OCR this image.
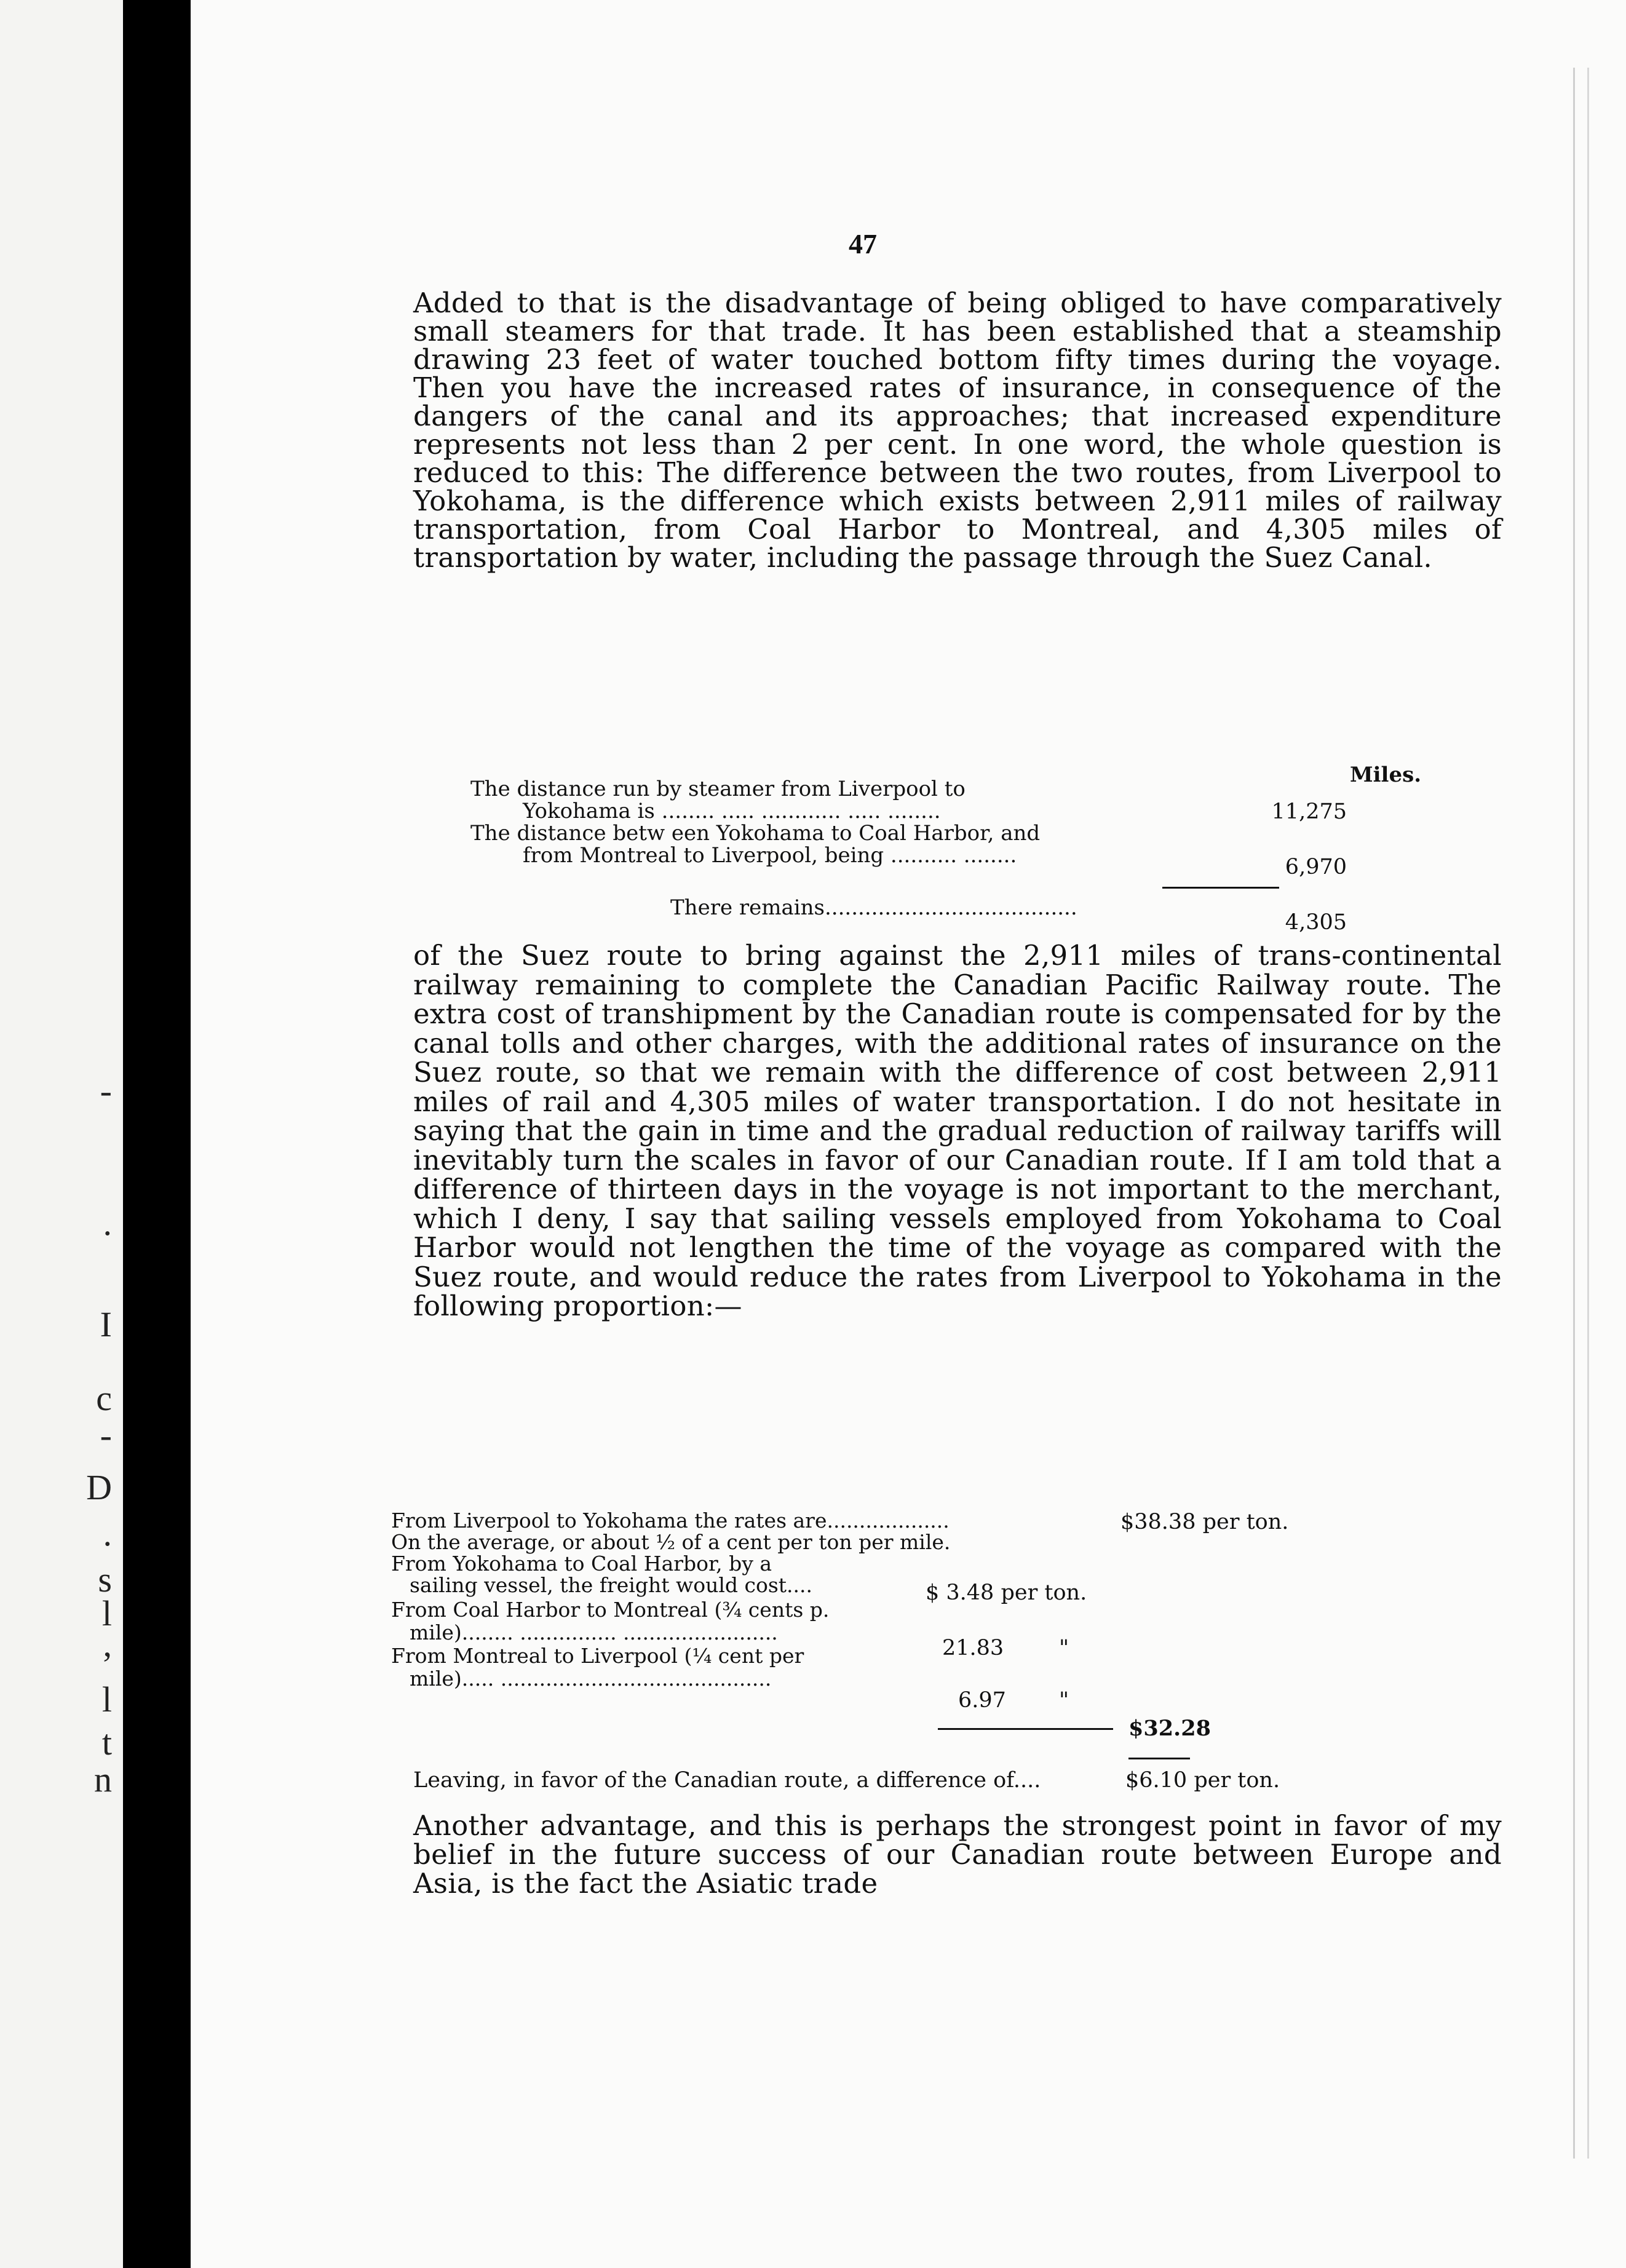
-
.
I
c
-
D
.
s
l
,
l
t
n
47
Added to that is the disadvantage of being obliged to have comparatively small steamers for that trade. It has been established that a steamship drawing 23 feet of water touched bottom fifty times during the voyage. Then you have the increased rates of insurance, in consequence of the dangers of the canal and its approaches; that increased expenditure represents not less than 2 per cent. In one word, the whole question is reduced to this: The difference between the two routes, from Liverpool to Yokohama, is the difference which exists between 2,911 miles of railway transportation, from Coal Harbor to Montreal, and 4,305 miles of transportation by water, including the passage through the Suez Canal.
Miles.
The distance run by steamer from Liverpool to
Yokohama is ........ ..... ............ ..... ........	11,275
The distance betw een Yokohama to Coal Harbor, and
from Montreal to Liverpool, being .......... ........	6,970
There remains......................................
4,305
of the Suez route to bring against the 2,911 miles of trans-continental railway remaining to complete the Canadian Pacific Railway route. The extra cost of transhipment by the Canadian route is compensated for by the canal tolls and other charges, with the additional rates of insurance on the Suez route, so that we remain with the difference of cost between 2,911 miles of rail and 4,305 miles of water transportation. I do not hesitate in saying that the gain in time and the gradual reduction of railway tariffs will inevitably turn the scales in favor of our Canadian route. If I am told that a difference of thirteen days in the voyage is not important to the merchant, which I deny, I say that sailing vessels employed from Yokohama to Coal Harbor would not lengthen the time of the voyage as compared with the Suez route, and would reduce the rates from Liverpool to Yokohama in the following proportion:—
From Liverpool to Yokohama the rates are...................	$38.38 per ton.
On the average, or about ½ of a cent per ton per mile.
From Yokohama to Coal Harbor, by a
sailing vessel, the freight would cost....	$ 3.48 per ton.
From Coal Harbor to Montreal (¾ cents p.
mile)........ ............... ........................
21.83	"
From Montreal to Liverpool (¼ cent per
mile)..... ..........................................
6.97 "
$32.28
Leaving, in favor of the Canadian route, a difference of....	$6.10 per ton.
Another advantage, and this is perhaps the strongest point in favor of my belief in the future success of our Canadian route between Europe and Asia, is the fact the Asiatic trade
